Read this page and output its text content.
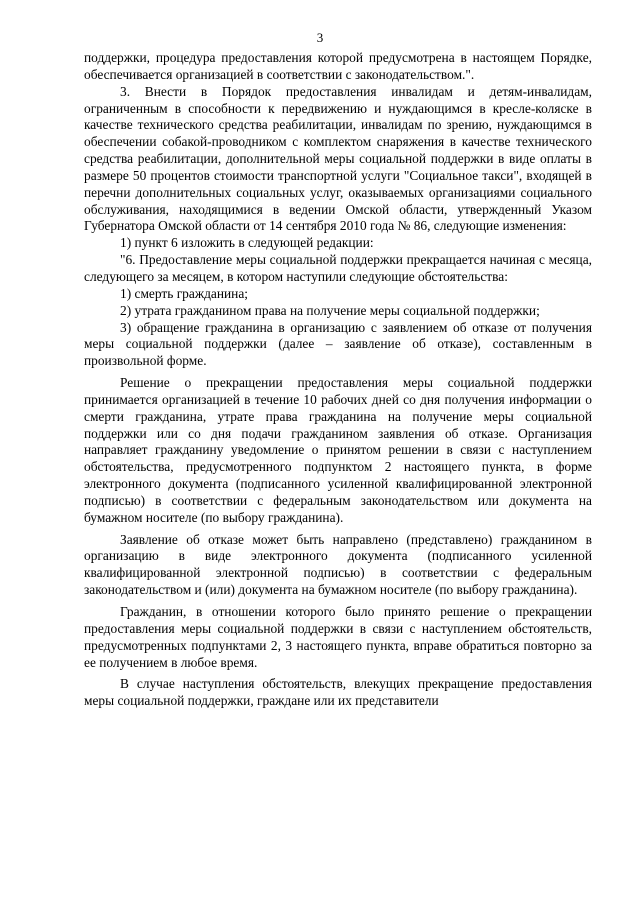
3

поддержки, процедура предоставления которой предусмотрена в настоящем Порядке, обеспечивается организацией в соответствии с законодательством.".

3. Внести в Порядок предоставления инвалидам и детям-инвалидам, ограниченным в способности к передвижению и нуждающимся в кресле-коляске в качестве технического средства реабилитации, инвалидам по зрению, нуждающимся в обеспечении собакой-проводником с комплектом снаряжения в качестве технического средства реабилитации, дополнительной меры социальной поддержки в виде оплаты в размере 50 процентов стоимости транспортной услуги "Социальное такси", входящей в перечни дополнительных социальных услуг, оказываемых организациями социального обслуживания, находящимися в ведении Омской области, утвержденный Указом Губернатора Омской области от 14 сентября 2010 года № 86, следующие изменения:

1) пункт 6 изложить в следующей редакции:

"6. Предоставление меры социальной поддержки прекращается начиная с месяца, следующего за месяцем, в котором наступили следующие обстоятельства:

1) смерть гражданина;

2) утрата гражданином права на получение меры социальной поддержки;

3) обращение гражданина в организацию с заявлением об отказе от получения меры социальной поддержки (далее – заявление об отказе), составленным в произвольной форме.

Решение о прекращении предоставления меры социальной поддержки принимается организацией в течение 10 рабочих дней со дня получения информации о смерти гражданина, утрате права гражданина на получение меры социальной поддержки или со дня подачи гражданином заявления об отказе. Организация направляет гражданину уведомление о принятом решении в связи с наступлением обстоятельства, предусмотренного подпунктом 2 настоящего пункта, в форме электронного документа (подписанного усиленной квалифицированной электронной подписью) в соответствии с федеральным законодательством или документа на бумажном носителе (по выбору гражданина).

Заявление об отказе может быть направлено (представлено) гражданином в организацию в виде электронного документа (подписанного усиленной квалифицированной электронной подписью) в соответствии с федеральным законодательством и (или) документа на бумажном носителе (по выбору гражданина).

Гражданин, в отношении которого было принято решение о прекращении предоставления меры социальной поддержки в связи с наступлением обстоятельств, предусмотренных подпунктами 2, 3 настоящего пункта, вправе обратиться повторно за ее получением в любое время.

В случае наступления обстоятельств, влекущих прекращение предоставления меры социальной поддержки, граждане или их представители
